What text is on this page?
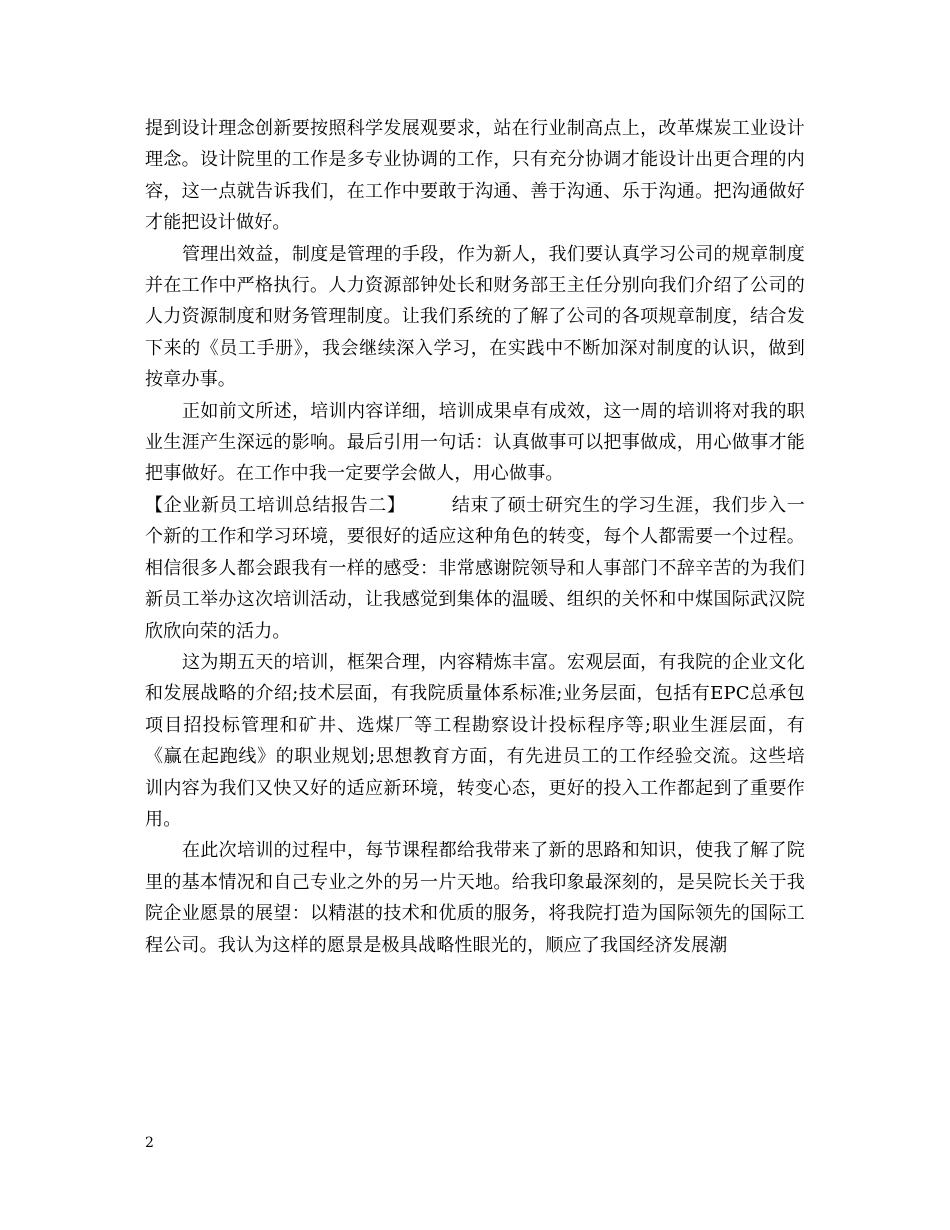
提到设计理念创新要按照科学发展观要求，站在行业制高点上，改革煤炭工业设计理念。设计院里的工作是多专业协调的工作，只有充分协调才能设计出更合理的内容，这一点就告诉我们，在工作中要敢于沟通、善于沟通、乐于沟通。把沟通做好才能把设计做好。

管理出效益，制度是管理的手段，作为新人，我们要认真学习公司的规章制度并在工作中严格执行。人力资源部钟处长和财务部王主任分别向我们介绍了公司的人力资源制度和财务管理制度。让我们系统的了解了公司的各项规章制度，结合发下来的《员工手册》，我会继续深入学习，在实践中不断加深对制度的认识，做到按章办事。

正如前文所述，培训内容详细，培训成果卓有成效，这一周的培训将对我的职业生涯产生深远的影响。最后引用一句话：认真做事可以把事做成，用心做事才能把事做好。在工作中我一定要学会做人，用心做事。

【企业新员工培训总结报告二】	结束了硕士研究生的学习生涯，我们步入一个新的工作和学习环境，要很好的适应这种角色的转变，每个人都需要一个过程。相信很多人都会跟我有一样的感受：非常感谢院领导和人事部门不辞辛苦的为我们新员工举办这次培训活动，让我感觉到集体的温暖、组织的关怀和中煤国际武汉院欣欣向荣的活力。

这为期五天的培训，框架合理，内容精炼丰富。宏观层面，有我院的企业文化和发展战略的介绍;技术层面，有我院质量体系标准;业务层面，包括有EPC总承包项目招投标管理和矿井、选煤厂等工程勘察设计投标程序等;职业生涯层面，有《赢在起跑线》的职业规划;思想教育方面，有先进员工的工作经验交流。这些培训内容为我们又快又好的适应新环境，转变心态，更好的投入工作都起到了重要作用。

在此次培训的过程中，每节课程都给我带来了新的思路和知识，使我了解了院里的基本情况和自己专业之外的另一片天地。给我印象最深刻的，是吴院长关于我院企业愿景的展望：以精湛的技术和优质的服务，将我院打造为国际领先的国际工程公司。我认为这样的愿景是极具战略性眼光的，顺应了我国经济发展潮

2
